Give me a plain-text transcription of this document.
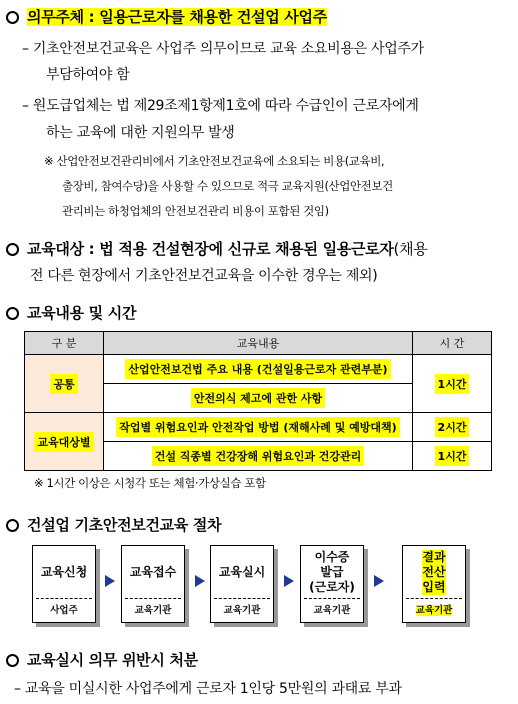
의무주체 : 일용근로자를 채용한 건설업 사업주
– 기초안전보건교육은 사업주 의무이므로 교육 소요비용은 사업주가
부담하여야 함
– 원도급업체는 법 제29조제1항제1호에 따라 수급인이 근로자에게
하는 교육에 대한 지원의무 발생
※ 산업안전보건관리비에서 기초안전보건교육에 소요되는 비용(교육비,
출장비, 참여수당)을 사용할 수 있으므로 적극 교육지원(산업안전보건
관리비는 하청업체의 안전보건관리 비용이 포함된 것임)
교육대상 : 법 적용 건설현장에 신규로 채용된 일용근로자(채용
전 다른 현장에서 기초안전보건교육을 이수한 경우는 제외)
교육내용 및 시간
구 분	교육내용	시 간
공통	산업안전보건법 주요 내용 (건설일용근로자 관련부분)	1시간
	안전의식 제고에 관한 사항	
교육대상별	작업별 위험요인과 안전작업 방법 (재해사례 및 예방대책)	2시간
	건설 직종별 건강장해 위험요인과 건강관리	1시간
※ 1시간 이상은 시청각 또는 체험·가상실습 포함
건설업 기초안전보건교육 절차
교육신청
사업주
교육접수
교육기관
교육실시
교육기관
이수증
발급
(근로자)
교육기관
결과
전산
입력
교육기관
교육실시 의무 위반시 처분
– 교육을 미실시한 사업주에게 근로자 1인당 5만원의 과태료 부과
